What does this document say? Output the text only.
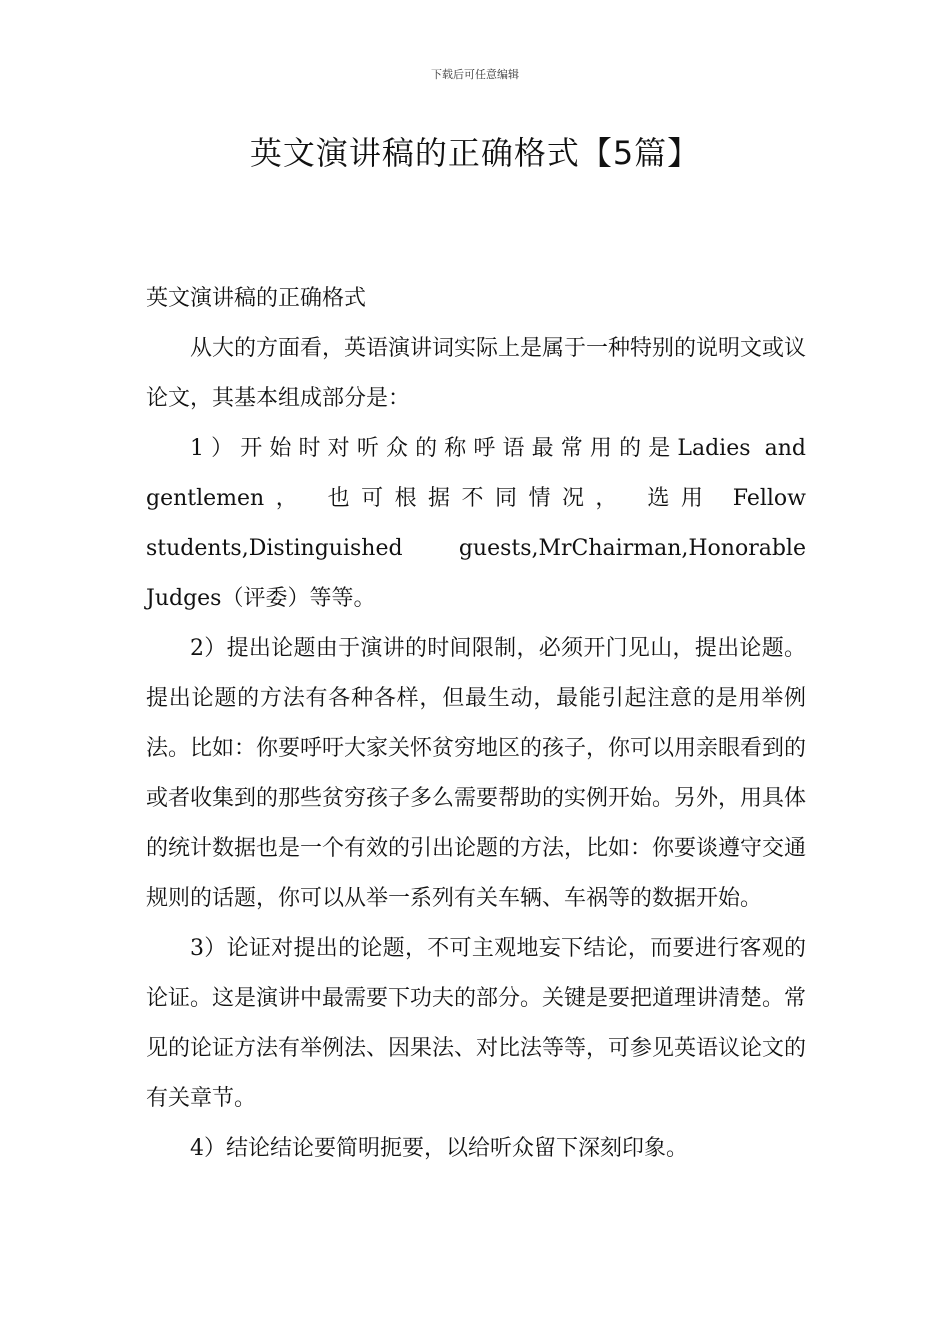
下载后可任意编辑
英文演讲稿的正确格式【5篇】

英文演讲稿的正确格式

从大的方面看，英语演讲词实际上是属于一种特别的说明文或议论文，其基本组成部分是：

1）开始时对听众的称呼语最常用的是Ladies and gentlemen， 也可根据不同情况， 选用 Fellow students,Distinguished guests,MrChairman,Honorable Judges（评委）等等。

2）提出论题由于演讲的时间限制，必须开门见山，提出论题。提出论题的方法有各种各样，但最生动，最能引起注意的是用举例法。比如：你要呼吁大家关怀贫穷地区的孩子，你可以用亲眼看到的或者收集到的那些贫穷孩子多么需要帮助的实例开始。另外，用具体的统计数据也是一个有效的引出论题的方法，比如：你要谈遵守交通规则的话题，你可以从举一系列有关车辆、车祸等的数据开始。

3）论证对提出的论题，不可主观地妄下结论，而要进行客观的论证。这是演讲中最需要下功夫的部分。关键是要把道理讲清楚。常见的论证方法有举例法、因果法、对比法等等，可参见英语议论文的有关章节。

4）结论结论要简明扼要，以给听众留下深刻印象。
